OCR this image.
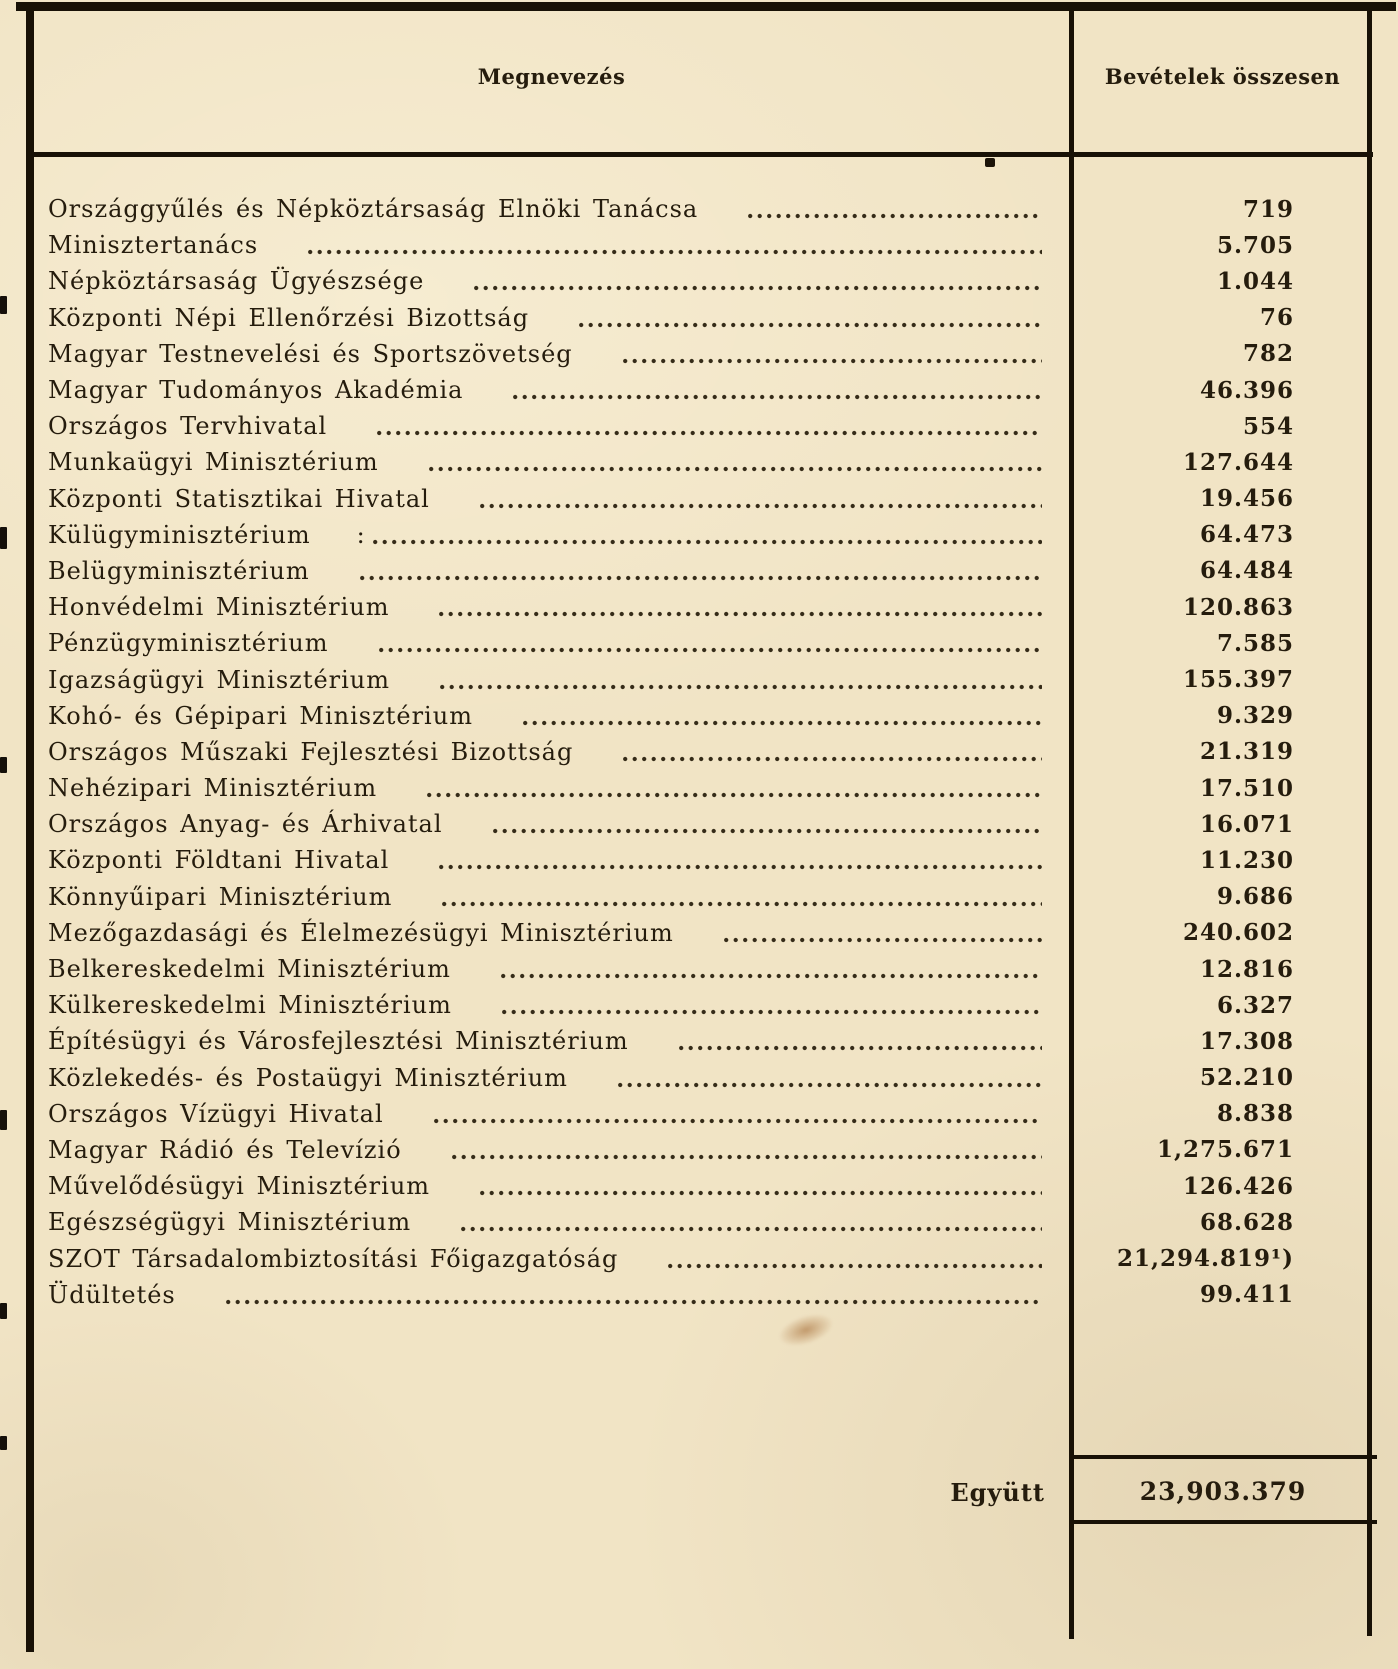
Megnevezés	Bevételek összesen
Országgyűlés és Népköztársaság Elnöki Tanácsa	719
Minisztertanács	5.705
Népköztársaság Ügyészsége	1.044
Központi Népi Ellenőrzési Bizottság	76
Magyar Testnevelési és Sportszövetség	782
Magyar Tudományos Akadémia	46.396
Országos Tervhivatal	554
Munkaügyi Minisztérium	127.644
Központi Statisztikai Hivatal	19.456
Külügyminisztérium :	64.473
Belügyminisztérium	64.484
Honvédelmi Minisztérium	120.863
Pénzügyminisztérium	7.585
Igazságügyi Minisztérium	155.397
Kohó- és Gépipari Minisztérium	9.329
Országos Műszaki Fejlesztési Bizottság	21.319
Nehézipari Minisztérium	17.510
Országos Anyag- és Árhivatal	16.071
Központi Földtani Hivatal	11.230
Könnyűipari Minisztérium	9.686
Mezőgazdasági és Élelmezésügyi Minisztérium	240.602
Belkereskedelmi Minisztérium	12.816
Külkereskedelmi Minisztérium	6.327
Építésügyi és Városfejlesztési Minisztérium	17.308
Közlekedés- és Postaügyi Minisztérium	52.210
Országos Vízügyi Hivatal	8.838
Magyar Rádió és Televízió	1,275.671
Művelődésügyi Minisztérium	126.426
Egészségügyi Minisztérium	68.628
SZOT Társadalombiztosítási Főigazgatóság	21,294.819¹)
Üdültetés	99.411
Együtt	23,903.379
